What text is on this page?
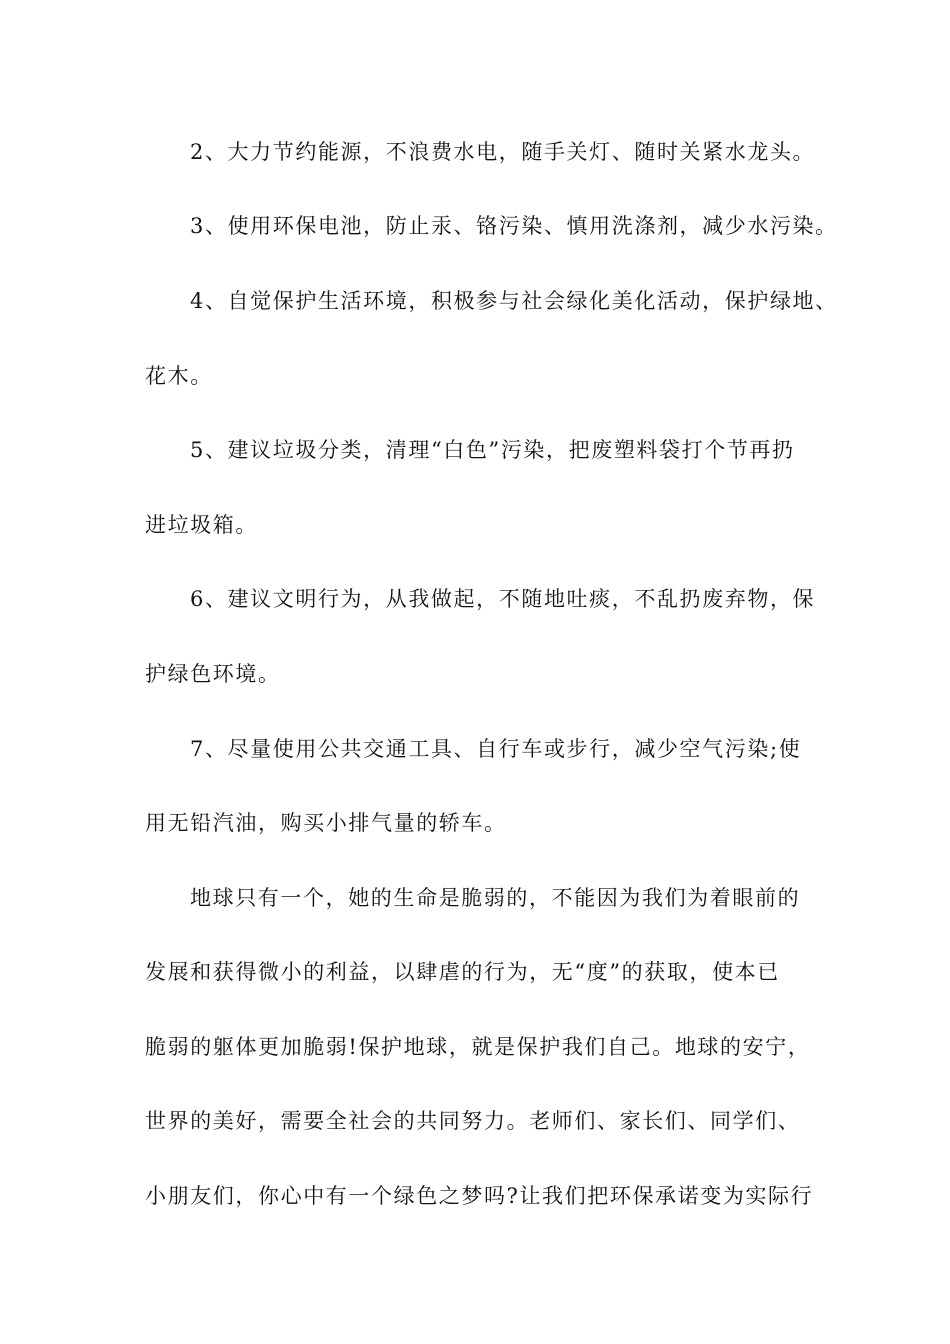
2、大力节约能源，不浪费水电，随手关灯、随时关紧水龙头。
3、使用环保电池，防止汞、铬污染、慎用洗涤剂，减少水污染。
4、自觉保护生活环境，积极参与社会绿化美化活动，保护绿地、
花木。
5、建议垃圾分类，清理“白色”污染，把废塑料袋打个节再扔
进垃圾箱。
6、建议文明行为，从我做起，不随地吐痰，不乱扔废弃物，保
护绿色环境。
7、尽量使用公共交通工具、自行车或步行，减少空气污染;使
用无铅汽油，购买小排气量的轿车。
地球只有一个，她的生命是脆弱的，不能因为我们为着眼前的
发展和获得微小的利益，以肆虐的行为，无“度”的获取，使本已
脆弱的躯体更加脆弱!保护地球，就是保护我们自己。地球的安宁，
世界的美好，需要全社会的共同努力。老师们、家长们、同学们、
小朋友们，你心中有一个绿色之梦吗?让我们把环保承诺变为实际行
